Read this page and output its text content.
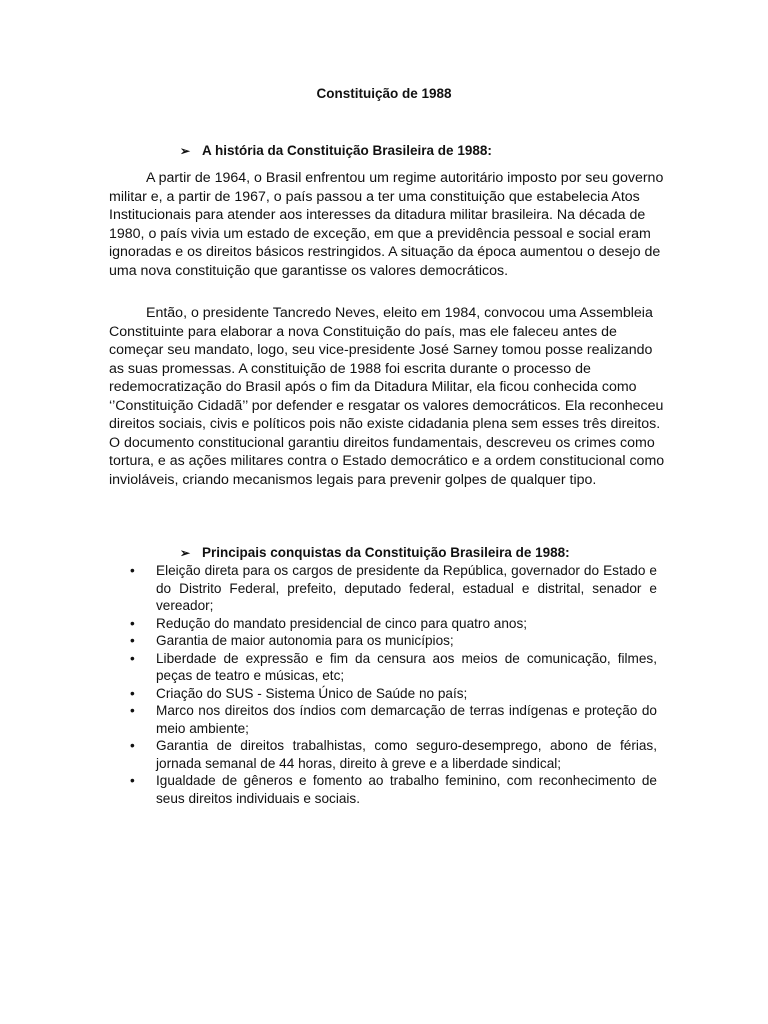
Constituição de 1988
➢ A história da Constituição Brasileira de 1988:

A partir de 1964, o Brasil enfrentou um regime autoritário imposto por seu governo militar e, a partir de 1967, o país passou a ter uma constituição que estabelecia Atos Institucionais para atender aos interesses da ditadura militar brasileira. Na década de 1980, o país vivia um estado de exceção, em que a previdência pessoal e social eram ignoradas e os direitos básicos restringidos. A situação da época aumentou o desejo de uma nova constituição que garantisse os valores democráticos.

Então, o presidente Tancredo Neves, eleito em 1984, convocou uma Assembleia Constituinte para elaborar a nova Constituição do país, mas ele faleceu antes de começar seu mandato, logo, seu vice-presidente José Sarney tomou posse realizando as suas promessas. A constituição de 1988 foi escrita durante o processo de redemocratização do Brasil após o fim da Ditadura Militar, ela ficou conhecida como ‘’Constituição Cidadã’’ por defender e resgatar os valores democráticos. Ela reconheceu direitos sociais, civis e políticos pois não existe cidadania plena sem esses três direitos. O documento constitucional garantiu direitos fundamentais, descreveu os crimes como tortura, e as ações militares contra o Estado democrático e a ordem constitucional como invioláveis, criando mecanismos legais para prevenir golpes de qualquer tipo.

➢ Principais conquistas da Constituição Brasileira de 1988:
• Eleição direta para os cargos de presidente da República, governador do Estado e do Distrito Federal, prefeito, deputado federal, estadual e distrital, senador e vereador;
• Redução do mandato presidencial de cinco para quatro anos;
• Garantia de maior autonomia para os municípios;
• Liberdade de expressão e fim da censura aos meios de comunicação, filmes, peças de teatro e músicas, etc;
• Criação do SUS - Sistema Único de Saúde no país;
• Marco nos direitos dos índios com demarcação de terras indígenas e proteção do meio ambiente;
• Garantia de direitos trabalhistas, como seguro-desemprego, abono de férias, jornada semanal de 44 horas, direito à greve e a liberdade sindical;
• Igualdade de gêneros e fomento ao trabalho feminino, com reconhecimento de seus direitos individuais e sociais.
